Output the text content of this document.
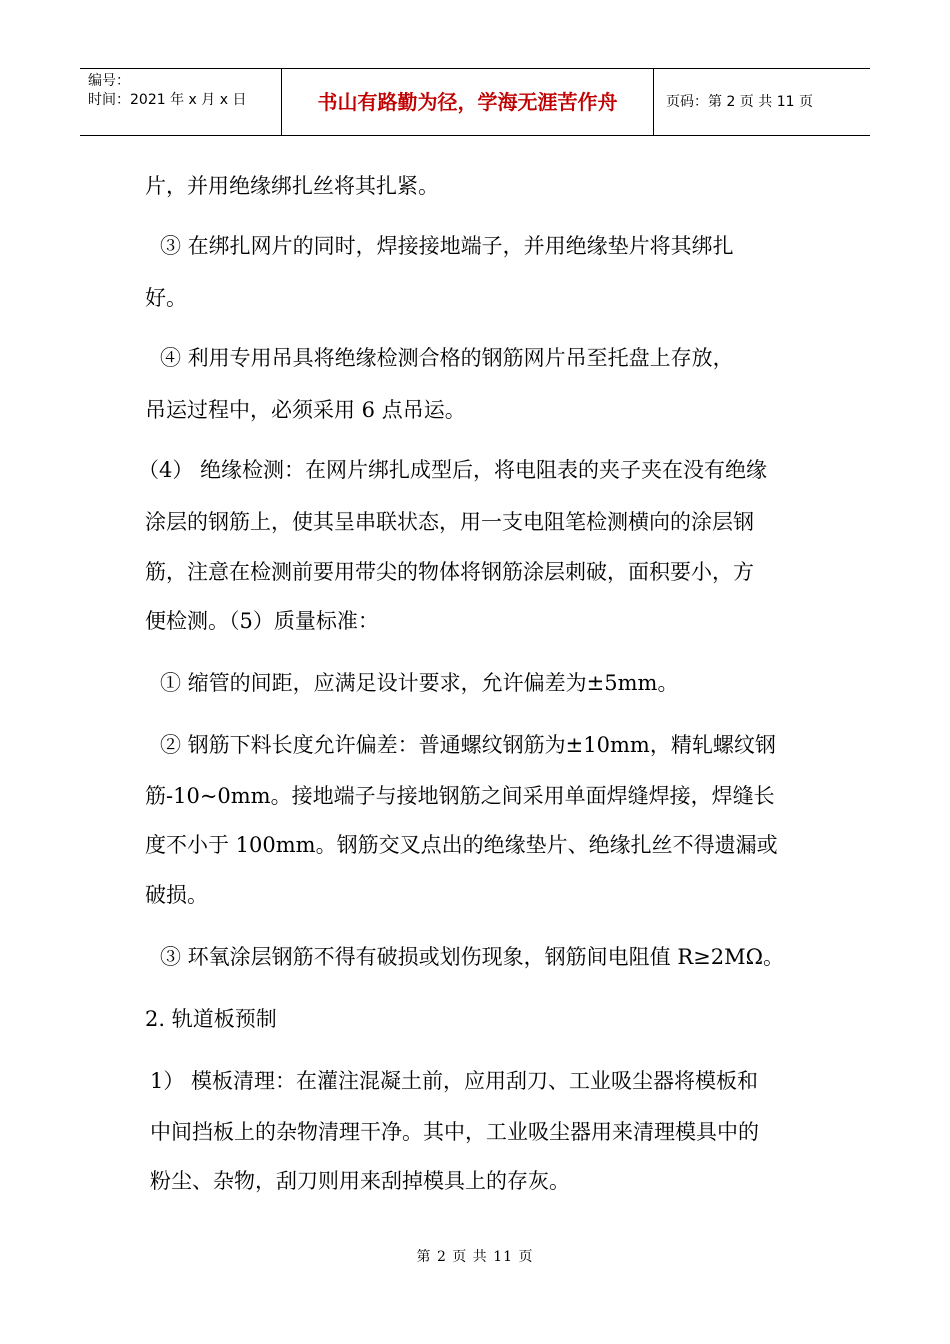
编号：
时间：2021 年 x 月 x 日	书山有路勤为径，学海无涯苦作舟	页码：第 2 页 共 11 页
片，并用绝缘绑扎丝将其扎紧。
③ 在绑扎网片的同时，焊接接地端子，并用绝缘垫片将其绑扎
好。
④ 利用专用吊具将绝缘检测合格的钢筋网片吊至托盘上存放，
吊运过程中，必须采用 6 点吊运。
（4） 绝缘检测：在网片绑扎成型后，将电阻表的夹子夹在没有绝缘
涂层的钢筋上，使其呈串联状态，用一支电阻笔检测横向的涂层钢
筋，注意在检测前要用带尖的物体将钢筋涂层刺破，面积要小，方
便检测。（5）质量标准：
① 缩管的间距，应满足设计要求，允许偏差为±5mm。
② 钢筋下料长度允许偏差：普通螺纹钢筋为±10mm，精轧螺纹钢
筋-10~0mm。接地端子与接地钢筋之间采用单面焊缝焊接，焊缝长
度不小于 100mm。钢筋交叉点出的绝缘垫片、绝缘扎丝不得遗漏或
破损。
③ 环氧涂层钢筋不得有破损或划伤现象，钢筋间电阻值 R≥2MΩ。
2. 轨道板预制
1） 模板清理：在灌注混凝土前，应用刮刀、工业吸尘器将模板和
中间挡板上的杂物清理干净。其中，工业吸尘器用来清理模具中的
粉尘、杂物，刮刀则用来刮掉模具上的存灰。
第 2 页 共 11 页
